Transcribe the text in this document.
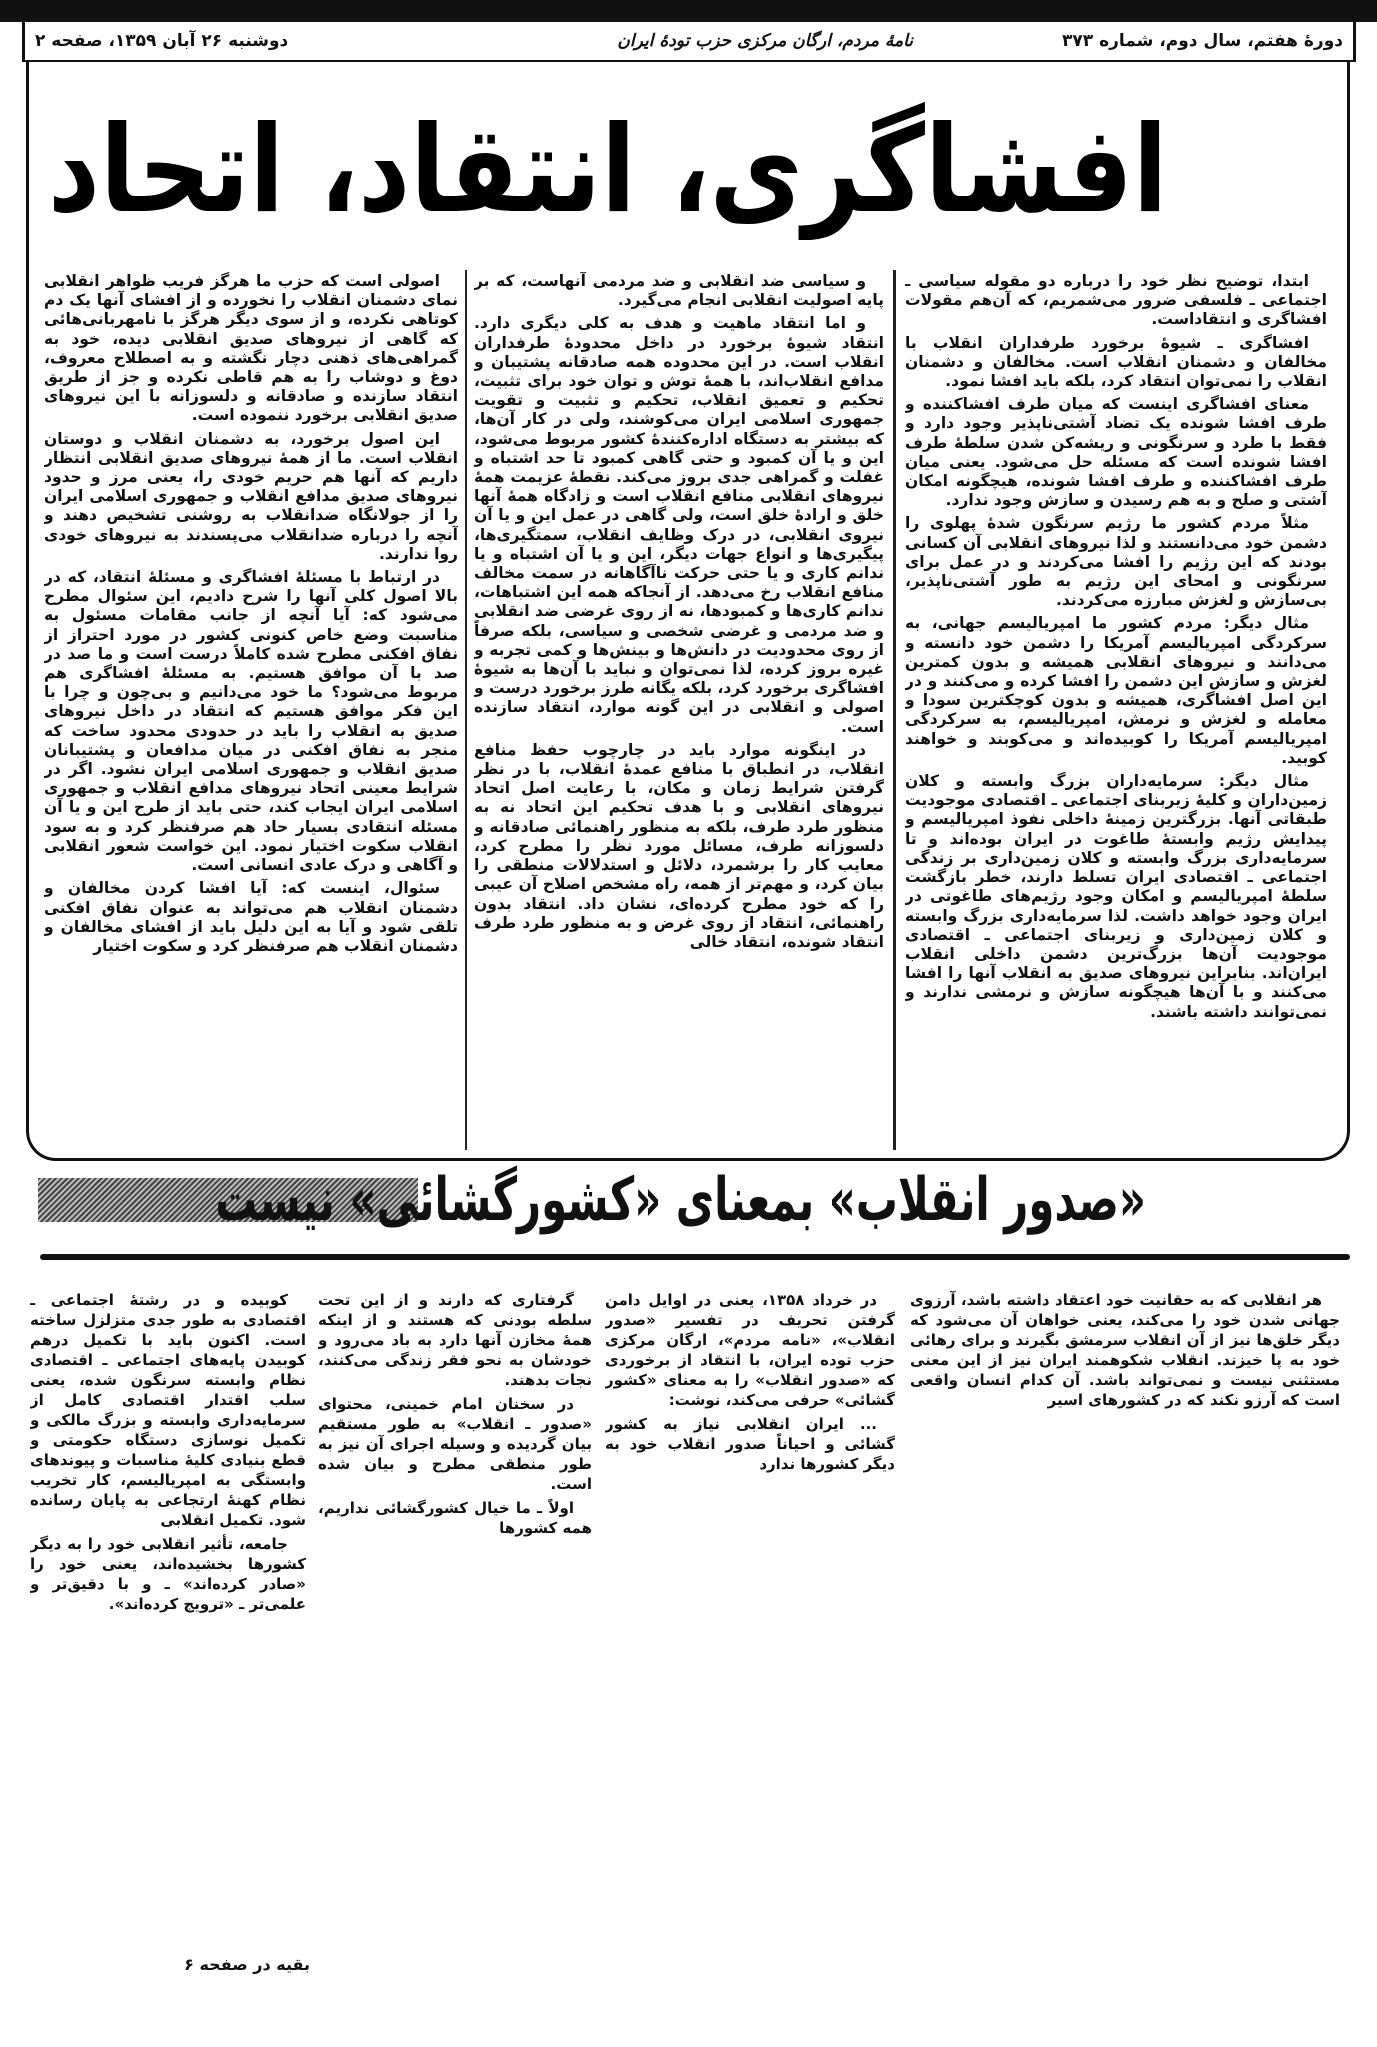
دورهٔ هفتم، سال دوم، شماره ۳۷۳
نامهٔ مردم، ارگان مرکزی حزب تودهٔ ایران
دوشنبه ۲۶ آبان ۱۳۵۹، صفحه ۲
افشاگری، انتقاد، اتحاد

ابتدا، توضیح نظر خود را درباره دو مقوله سیاسی ـ اجتماعی ـ فلسفی ضرور می‌شمریم، که آن‌هم مقولات افشاگری و انتقاداست.

افشاگری ـ شیوهٔ برخورد طرفداران انقلاب با مخالفان و دشمنان انقلاب است. مخالفان و دشمنان انقلاب را نمی‌توان انتقاد کرد، بلکه باید افشا نمود.

معنای افشاگری اینست که میان طرف افشاکننده و طرف افشا شونده یک تضاد آشتی‌ناپذیر وجود دارد و فقط با طرد و سرنگونی و ریشه‌کن شدن سلطهٔ طرف افشا شونده است که مسئله حل می‌شود. یعنی میان طرف افشاکننده و طرف افشا شونده، هیچگونه امکان آشتی و صلح و به هم رسیدن و سازش وجود ندارد.

مثلاً مردم کشور ما رژیم سرنگون شدهٔ پهلوی را دشمن خود می‌دانستند و لذا نیروهای انقلابی آن کسانی بودند که این رژیم را افشا می‌کردند و در عمل برای سرنگونی و امحای این رژیم به طور آشتی‌ناپذیر، بی‌سازش و لغزش مبارزه می‌کردند.

مثال دیگر: مردم کشور ما امپریالیسم جهانی، به سرکردگی امپریالیسم آمریکا را دشمن خود دانسته و می‌دانند و نیروهای انقلابی همیشه و بدون کمترین لغزش و سازش این دشمن را افشا کرده و می‌کنند و در این اصل افشاگری، همیشه و بدون کوچکترین سودا و معامله و لغزش و نرمش، امپریالیسم، به سرکردگی امپریالیسم آمریکا را کوبیده‌اند و می‌کوبند و خواهند کوبید.

مثال دیگر: سرمایه‌داران بزرگ وابسته و کلان زمین‌داران و کلیهٔ زیربنای اجتماعی ـ اقتصادی موجودیت طبقاتی آنها. بزرگترین زمینهٔ داخلی نفوذ امپریالیسم و پیدایش رژیم وابستهٔ طاغوت در ایران بوده‌اند و تا سرمایه‌داری بزرگ وابسته و کلان زمین‌داری بر زندگی اجتماعی ـ اقتصادی ایران تسلط دارند، خطر بازگشت سلطهٔ امپریالیسم و امکان وجود رژیم‌های طاغوتی در ایران وجود خواهد داشت. لذا سرمایه‌داری بزرگ وابسته و کلان زمین‌داری و زیربنای اجتماعی ـ اقتصادی موجودیت آن‌ها بزرگ‌ترین دشمن داخلی انقلاب ایران‌اند. بنابراین نیروهای صدیق به انقلاب آنها را افشا می‌کنند و با آن‌ها هیچگونه سازش و نرمشی ندارند و نمی‌توانند داشته باشند.

و سیاسی ضد انقلابی و ضد مردمی آنهاست، که بر پایه اصولیت انقلابی انجام می‌گیرد.

و اما انتقاد ماهیت و هدف به کلی دیگری دارد. انتقاد شیوهٔ برخورد در داخل محدودهٔ طرفداران انقلاب است. در این محدوده همه صادقانه پشتیبان و مدافع انقلاب‌اند، با همهٔ توش و توان خود برای تثبیت، تحکیم و تعمیق انقلاب، تحکیم و تثبیت و تقویت جمهوری اسلامی ایران می‌کوشند، ولی در کار آن‌ها، که بیشتر به دستگاه اداره‌کنندهٔ کشور مربوط می‌شود، این و یا آن کمبود و حتی گاهی کمبود تا حد اشتباه و غفلت و گمراهی جدی بروز می‌کند. نقطهٔ عزیمت همهٔ نیروهای انقلابی منافع انقلاب است و زادگاه همهٔ آنها خلق و ارادهٔ خلق است، ولی گاهی در عمل این و یا آن نیروی انقلابی، در درک وظایف انقلاب، سمتگیری‌ها، پیگیری‌ها و انواع جهات دیگر، این و یا آن اشتباه و یا ندانم کاری و یا حتی حرکت ناآگاهانه در سمت مخالف منافع انقلاب رخ می‌دهد. از آنجاکه همه این اشتباهات، ندانم کاری‌ها و کمبودها، نه از روی غرضی ضد انقلابی و ضد مردمی و غرضی شخصی و سیاسی، بلکه صرفاً از روی محدودیت در دانش‌ها و بینش‌ها و کمی تجربه و غیره بروز کرده، لذا نمی‌توان و نباید با آن‌ها به شیوهٔ افشاگری برخورد کرد، بلکه یگانه طرز برخورد درست و اصولی و انقلابی در این گونه موارد، انتقاد سازنده است.

در اینگونه موارد باید در چارچوب حفظ منافع انقلاب، در انطباق با منافع عمدهٔ انقلاب، با در نظر گرفتن شرایط زمان و مکان، با رعایت اصل اتحاد نیروهای انقلابی و با هدف تحکیم این اتحاد نه به منظور طرد طرف، بلکه به منظور راهنمائی صادقانه و دلسوزانه طرف، مسائل مورد نظر را مطرح کرد، معایب کار را برشمرد، دلائل و استدلالات منطقی را بیان کرد، و مهم‌تر از همه، راه مشخص اصلاح آن عیبی را که خود مطرح کرده‌ای، نشان داد. انتقاد بدون راهنمائی، انتقاد از روی غرض و به منظور طرد طرف انتقاد شونده، انتقاد خالی

اصولی است که حزب ما هرگز فریب ظواهر انقلابی نمای دشمنان انقلاب را نخورده و از افشای آنها یک دم کوتاهی نکرده، و از سوی دیگر هرگز با نامهربانی‌هائی که گاهی از نیروهای صدیق انقلابی دیده، خود به گمراهی‌های ذهنی دچار نگشته و به اصطلاح معروف، دوغ و دوشاب را به هم قاطی نکرده و جز از طریق انتقاد سازنده و صادقانه و دلسوزانه با این نیروهای صدیق انقلابی برخورد ننموده است.

این اصول برخورد، به دشمنان انقلاب و دوستان انقلاب است. ما از همهٔ نیروهای صدیق انقلابی انتظار داریم که آنها هم حریم خودی را، یعنی مرز و حدود نیروهای صدیق مدافع انقلاب و جمهوری اسلامی ایران را از جولانگاه ضدانقلاب به روشنی تشخیص دهند و آنچه را درباره ضدانقلاب می‌پسندند به نیروهای خودی روا ندارند.

در ارتباط با مسئلهٔ افشاگری و مسئلهٔ انتقاد، که در بالا اصول کلی آنها را شرح دادیم، این سئوال مطرح می‌شود که: آیا آنچه از جانب مقامات مسئول به مناسبت وضع خاص کنونی کشور در مورد احتراز از نفاق افکنی مطرح شده کاملاً درست است و ما صد در صد با آن موافق هستیم. به مسئلهٔ افشاگری هم مربوط می‌شود؟ ما خود می‌دانیم و بی‌چون و چرا با این فکر موافق هستیم که انتقاد در داخل نیروهای صدیق به انقلاب را باید در حدودی محدود ساخت که منجر به نفاق افکنی در میان مدافعان و پشتیبانان صدیق انقلاب و جمهوری اسلامی ایران نشود. اگر در شرایط معینی اتحاد نیروهای مدافع انقلاب و جمهوری اسلامی ایران ایجاب کند، حتی باید از طرح این و یا آن مسئله انتقادی بسیار حاد هم صرفنظر کرد و به سود انقلاب سکوت اختیار نمود. این خواست شعور انقلابی و آگاهی و درک عادی انسانی است.

سئوال، اینست که: آیا افشا کردن مخالفان و دشمنان انقلاب هم می‌تواند به عنوان نفاق افکنی تلقی شود و آیا به این دلیل باید از افشای مخالفان و دشمنان انقلاب هم صرفنظر کرد و سکوت اختیار

«صدور انقلاب» بمعنای «کشورگشائی» نیست

هر انقلابی که به حقانیت خود اعتقاد داشته باشد، آرزوی جهانی شدن خود را می‌کند، یعنی خواهان آن می‌شود که دیگر خلق‌ها نیز از آن انقلاب سرمشق بگیرند و برای رهائی خود به پا خیزند. انقلاب شکوهمند ایران نیز از این معنی مستثنی نیست و نمی‌تواند باشد. آن کدام انسان واقعی است که آرزو نکند که در کشورهای اسیر

در خرداد ۱۳۵۸، یعنی در اوایل دامن گرفتن تحریف در تفسیر «صدور انقلاب»، «نامه مردم»، ارگان مرکزی حزب توده ایران، با انتقاد از برخوردی که «صدور انقلاب» را به معنای «کشور گشائی» حرفی می‌کند، نوشت:

... ایران انقلابی نیاز به کشور گشائی و احیاناً صدور انقلاب خود به دیگر کشورها ندارد

گرفتاری که دارند و از این تحت سلطه بودنی که هستند و از اینکه همهٔ مخازن آنها دارد به باد می‌رود و خودشان به نحو فقر زندگی می‌کنند، نجات بدهند.

در سخنان امام خمینی، محتوای «صدور ـ انقلاب» به طور مستقیم بیان گردیده و وسیله اجرای آن نیز به طور منطقی مطرح و بیان شده است.

اولاً ـ ما خیال کشورگشائی نداریم، همه کشورها

کوبیده و در رشتهٔ اجتماعی ـ اقتصادی به طور جدی متزلزل ساخته است. اکنون باید با تکمیل درهم کوبیدن پایه‌های اجتماعی ـ اقتصادی نظام وابسته سرنگون شده، یعنی سلب اقتدار اقتصادی کامل از سرمایه‌داری وابسته و بزرگ مالکی و تکمیل نوسازی دستگاه حکومتی و قطع بنیادی کلیهٔ مناسبات و پیوندهای وابستگی به امپریالیسم، کار تخریب نظام کهنهٔ ارتجاعی به پایان رسانده شود. تکمیل انقلابی

جامعه، تأثیر انقلابی خود را به دیگر کشورها بخشیده‌اند، یعنی خود را «صادر کرده‌اند» ـ و با دقیق‌تر و علمی‌تر ـ «ترویج کرده‌اند».

بقیه در صفحه ۶
